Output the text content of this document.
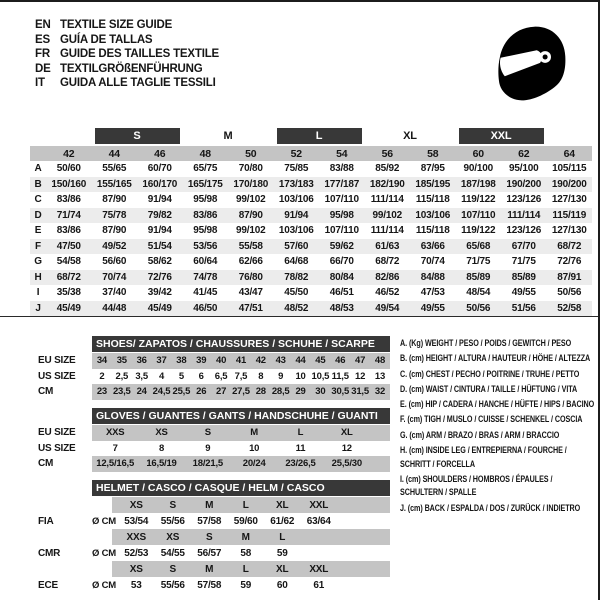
EN TEXTILE SIZE GUIDE
ES GUÍA DE TALLAS
FR GUIDE DES TAILLES TEXTILE
DE TEXTILGRÖßENFÜHRUNG
IT	GUIDA ALLE TAGLIE TESSILI
S	M	L	XL	XXL
42	44	46	48	50	52	54	56	58	60	62	64
A	50/60	55/65	60/70	65/75	70/80	75/85	83/88	85/92	87/95	90/100	95/100	105/115
B 150/160	155/165	160/170	165/175	170/180	173/183	177/187	182/190	185/195	187/198	190/200	190/200
C	83/86	87/90	91/94	95/98	99/102	103/106	107/110	111/114	115/118	119/122	123/126	127/130
D	71/74	75/78	79/82	83/86	87/90	91/94	95/98	99/102	103/106	107/110	111/114	115/119
E	83/86	87/90	91/94	95/98	99/102	103/106	107/110	111/114	115/118	119/122	123/126	127/130
F	47/50	49/52	51/54	53/56	55/58	57/60	59/62	61/63	63/66	65/68	67/70	68/72
G	54/58	56/60	58/62	60/64	62/66	64/68	66/70	68/72	70/74	71/75	71/75	72/76
H	68/72	70/74	72/76	74/78	76/80	78/82	80/84	82/86	84/88	85/89	85/89	87/91
I	35/38	37/40	39/42	41/45	43/47	45/50	46/51	46/52	47/53	48/54	49/55	50/56
J	45/49	44/48	45/49	46/50	47/51	48/52	48/53	49/54	49/55	50/56	51/56	52/58
SHOES/ ZAPATOS / CHAUSSURES / SCHUHE / SCARPE
EU SIZE	34	35	36	37	38	39	40	41	42	43	44	45	46	47	48
US SIZE	2	2,5 3,5	4	5	6	6,5 7,5	8	9	10 10,5 11,5 12	13
CM	23 23,5 24 24,5 25,5 26	27 27,5 28 28,5 29	30 30,5 31,5 32
GLOVES / GUANTES / GANTS / HANDSCHUHE / GUANTI
EU SIZE	XXS	XS	S	M	L	XL
US SIZE	7	8	9	10	11	12
CM	12,5/16,5	16,5/19	18/21,5	20/24	23/26,5	25,5/30
HELMET / CASCO / CASQUE / HELM / CASCO
XS	S	M	L	XL	XXL
FIA	Ø CM 53/54	55/56	57/58	59/60	61/62	63/64
XXS	XS	S	M	L
CMR	Ø CM 52/53	54/55	56/57	58	59
XS	S	M	L	XL	XXL
ECE	Ø CM	53	55/56	57/58	59	60	61
A. (Kg) WEIGHT / PESO / POIDS / GEWITCH / PESO
B. (cm) HEIGHT / ALTURA / HAUTEUR / HÖHE / ALTEZZA
C. (cm) CHEST / PECHO / POITRINE / TRUHE / PETTO
D. (cm) WAIST / CINTURA / TAILLE / HÜFTUNG / VITA
E. (cm) HIP / CADERA / HANCHE / HÜFTE / HIPS / BACINO
F. (cm) TIGH / MUSLO / CUISSE / SCHENKEL / COSCIA
G. (cm) ARM / BRAZO / BRAS / ARM / BRACCIO
H. (cm) INSIDE LEG / ENTREPIERNA / FOURCHE / SCHRITT / FORCELLA
I. (cm) SHOULDERS / HOMBROS / ÉPAULES / SCHULTERN / SPALLE
J. (cm) BACK / ESPALDA / DOS / ZURÜCK / INDIETRO
